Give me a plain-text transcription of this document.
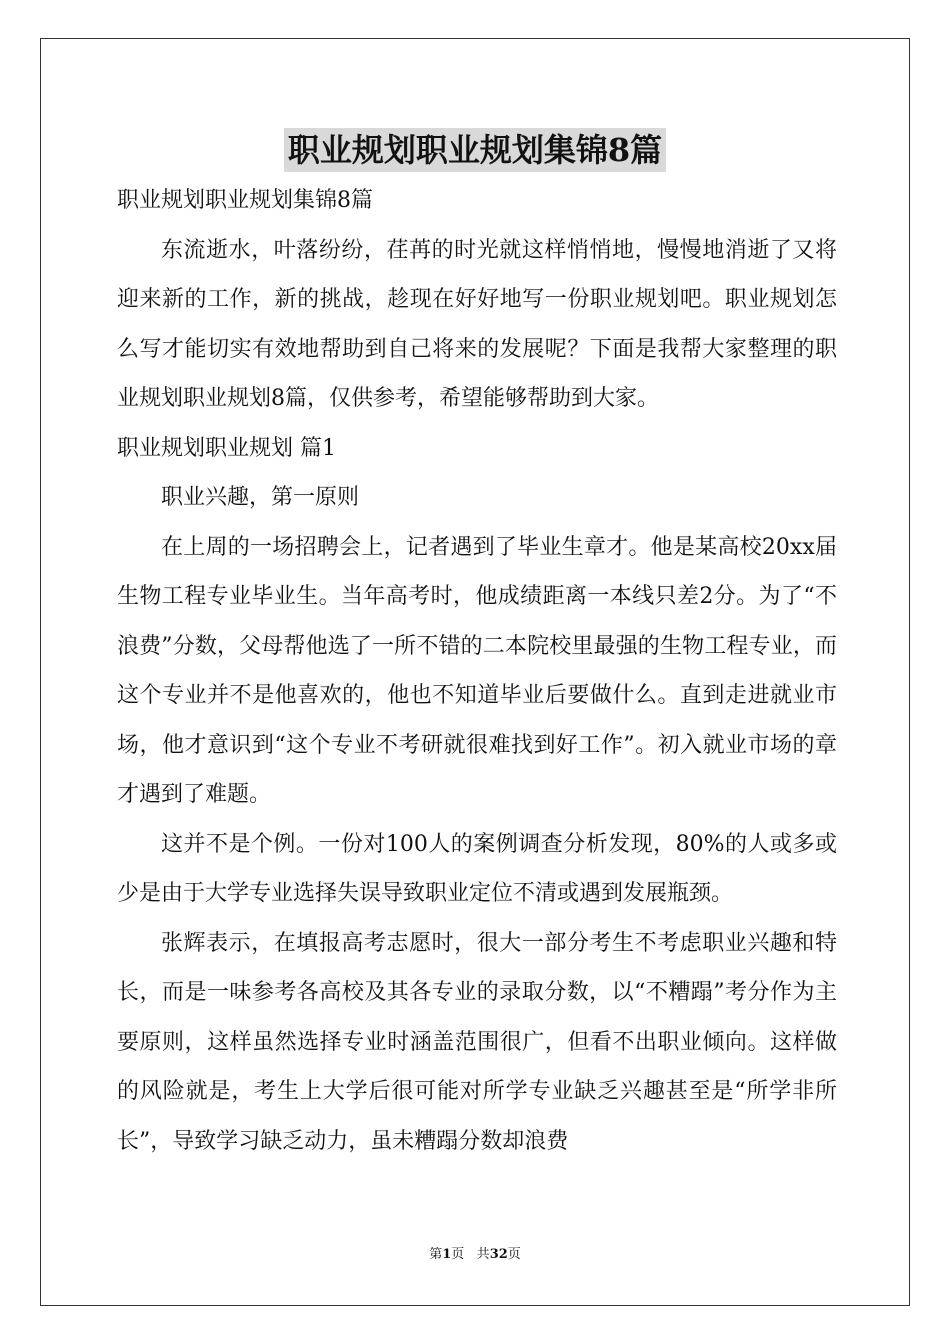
职业规划职业规划集锦8篇

职业规划职业规划集锦8篇

东流逝水，叶落纷纷，荏苒的时光就这样悄悄地，慢慢地消逝了又将迎来新的工作，新的挑战，趁现在好好地写一份职业规划吧。职业规划怎么写才能切实有效地帮助到自己将来的发展呢？下面是我帮大家整理的职业规划职业规划8篇，仅供参考，希望能够帮助到大家。

职业规划职业规划 篇1

职业兴趣，第一原则

在上周的一场招聘会上，记者遇到了毕业生章才。他是某高校20xx届生物工程专业毕业生。当年高考时，他成绩距离一本线只差2分。为了“不浪费”分数，父母帮他选了一所不错的二本院校里最强的生物工程专业，而这个专业并不是他喜欢的，他也不知道毕业后要做什么。直到走进就业市场，他才意识到“这个专业不考研就很难找到好工作”。初入就业市场的章才遇到了难题。

这并不是个例。一份对100人的案例调查分析发现，80%的人或多或少是由于大学专业选择失误导致职业定位不清或遇到发展瓶颈。

张辉表示，在填报高考志愿时，很大一部分考生不考虑职业兴趣和特长，而是一味参考各高校及其各专业的录取分数，以“不糟蹋”考分作为主要原则，这样虽然选择专业时涵盖范围很广，但看不出职业倾向。这样做的风险就是，考生上大学后很可能对所学专业缺乏兴趣甚至是“所学非所长”，导致学习缺乏动力，虽未糟蹋分数却浪费

第1页 共32页
